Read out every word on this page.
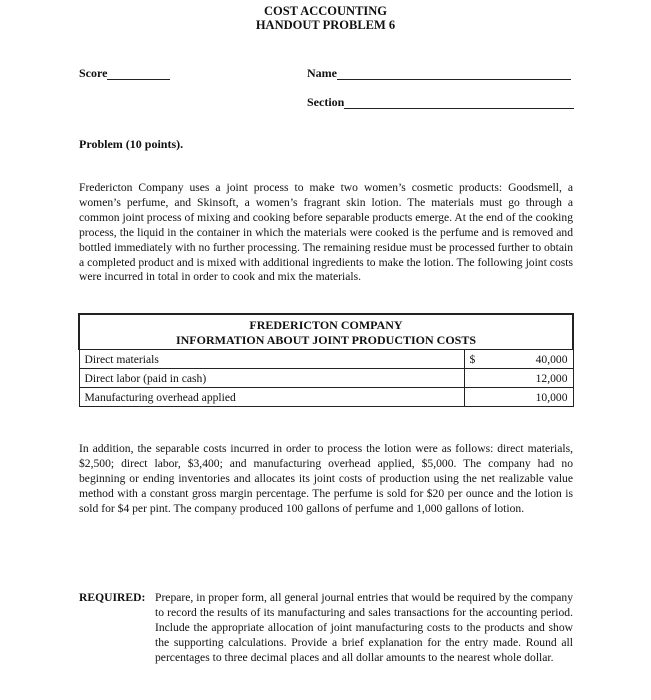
COST ACCOUNTING
HANDOUT PROBLEM 6
Score	Name
Section
Problem (10 points).
Fredericton Company uses a joint process to make two women’s cosmetic products: Goodsmell, a women’s perfume, and Skinsoft, a women’s fragrant skin lotion. The materials must go through a common joint process of mixing and cooking before separable products emerge. At the end of the cooking process, the liquid in the container in which the materials were cooked is the perfume and is removed and bottled immediately with no further processing. The remaining residue must be processed further to obtain a completed product and is mixed with additional ingredients to make the lotion. The following joint costs were incurred in total in order to cook and mix the materials.
FREDERICTON COMPANY
INFORMATION ABOUT JOINT PRODUCTION COSTS		

Direct materials	$	40,000
Direct labor (paid in cash)		12,000
Manufacturing overhead applied		10,000
In addition, the separable costs incurred in order to process the lotion were as follows: direct materials, $2,500; direct labor, $3,400; and manufacturing overhead applied, $5,000. The company had no beginning or ending inventories and allocates its joint costs of production using the net realizable value method with a constant gross margin percentage. The perfume is sold for $20 per ounce and the lotion is sold for $4 per pint. The company produced 100 gallons of perfume and 1,000 gallons of lotion.
REQUIRED: Prepare, in proper form, all general journal entries that would be required by the company to record the results of its manufacturing and sales transactions for the accounting period. Include the appropriate allocation of joint manufacturing costs to the products and show the supporting calculations. Provide a brief explanation for the entry made. Round all percentages to three decimal places and all dollar amounts to the nearest whole dollar.
